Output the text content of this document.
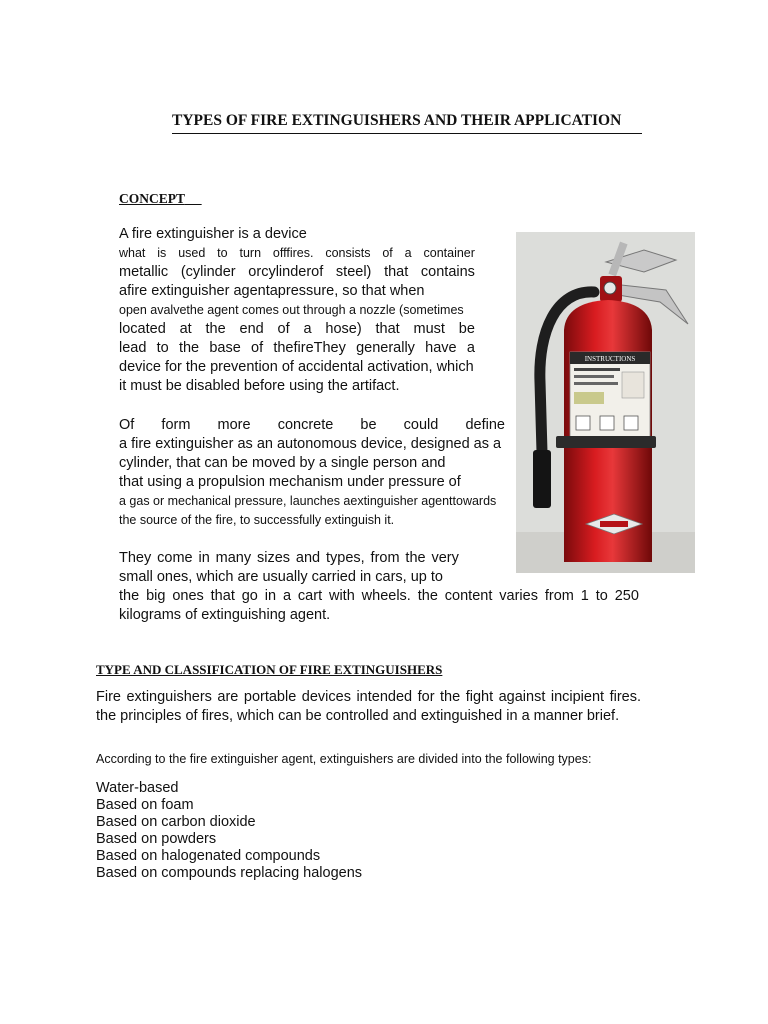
TYPES OF FIRE EXTINGUISHERS AND THEIR APPLICATION
CONCEPT
A fire extinguisher is a device
what is used to turn offfires. consists of a container
metallic (cylinder orcylinderof steel) that contains
afire extinguisher agentapressure, so that when
open avalvethe agent comes out through a nozzle (sometimes
located at the end of a hose) that must be
lead to the base of thefireThey generally have a
device for the prevention of accidental activation, which
it must be disabled before using the artifact.
Of form more concrete be could define
a fire extinguisher as an autonomous device, designed as a
cylinder, that can be moved by a single person and
that using a propulsion mechanism under pressure of
a gas or mechanical pressure, launches aextinguisher agenttowards
the source of the fire, to successfully extinguish it.
They come in many sizes and types, from the very
small ones, which are usually carried in cars, up to
the big ones that go in a cart with wheels. the content varies from 1 to 250
kilograms of extinguishing agent.
INSTRUCTIONS
TYPE AND CLASSIFICATION OF FIRE EXTINGUISHERS
Fire extinguishers are portable devices intended for the fight against incipient fires. the principles of fires, which can be controlled and extinguished in a manner brief.
According to the fire extinguisher agent, extinguishers are divided into the following types:
Water-based
Based on foam
Based on carbon dioxide
Based on powders
Based on halogenated compounds
Based on compounds replacing halogens
